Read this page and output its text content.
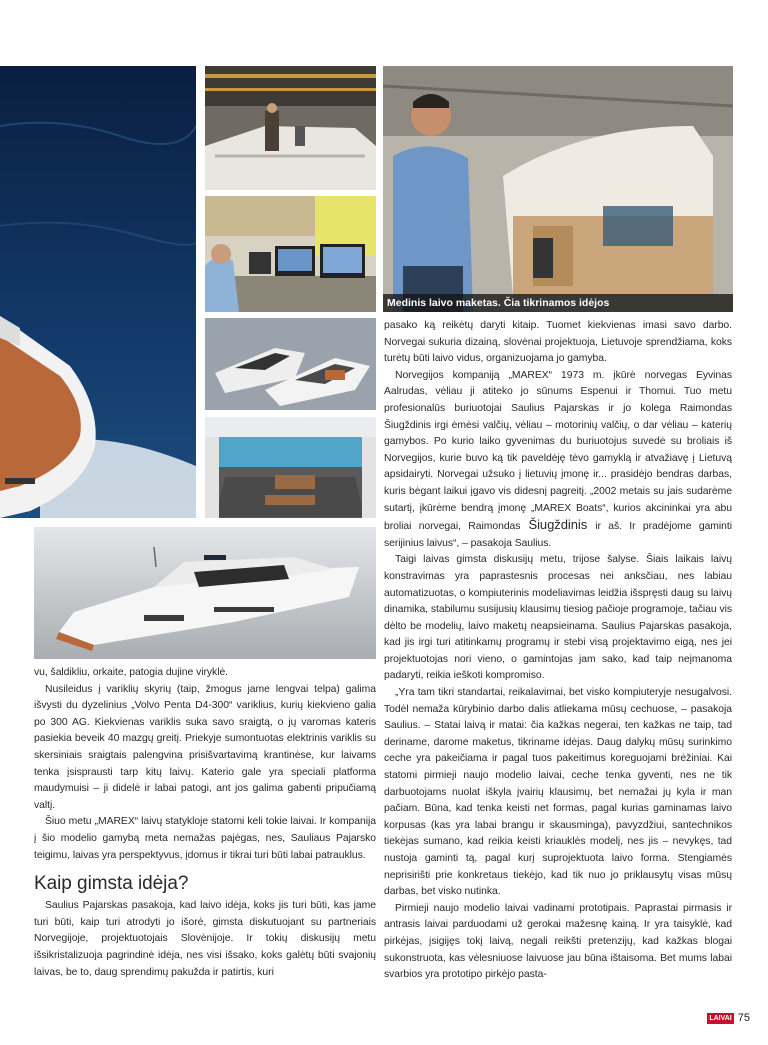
Medinis laivo maketas. Čia tikrinamos idėjos

pasako ką reikėtų daryti kitaip. Tuomet kiekvienas imasi savo darbo. Norvegai sukuria dizainą, slovėnai projektuoja, Lietuvoje sprendžiama, koks turėtų būti laivo vidus, organizuojama jo gamyba.

Norvegijos kompaniją „MAREX“ 1973 m. įkūrė norvegas Eyvinas Aalrudas, vėliau ji atiteko jo sūnums Espenui ir Thomui. Tuo metu profesionalūs buriuotojai Saulius Pajarskas ir jo kolega Raimondas Šiugždinis irgi ėmėsi valčių, vėliau – motorinių valčių, o dar vėliau – katerių gamybos. Po kurio laiko gyvenimas du buriuotojus suvedė su broliais iš Norvegijos, kurie buvo ką tik paveldėję tėvo gamyklą ir atvažiavę į Lietuvą apsidairyti. Norvegai užsuko į lietuvių įmonę ir... prasidėjo bendras darbas, kuris bėgant laikui įgavo vis didesnį pagreitį. „2002 metais su jais sudarėme sutartį, įkūrėme bendrą įmonę „MAREX Boats“, kurios akcininkai yra abu broliai norvegai, Raimondas Šiugždinis ir aš. Ir pradėjome gaminti serijinius laivus“, – pasakoja Saulius.

Taigi laivas gimsta diskusijų metu, trijose šalyse. Šiais laikais laivų konstravimas yra paprastesnis procesas nei anksčiau, nes labiau automatizuotas, o kompiuterinis modeliavimas leidžia išspręsti daug su laivų dinamika, stabilumu susijusių klausimų tiesiog pačioje programoje, tačiau vis dėlto be modelių, laivo maketų neapsieinama. Saulius Pajarskas pasakoja, kad jis irgi turi atitinkamų programų ir stebi visą projektavimo eigą, nes jei projektuotojas nori vieno, o gamintojas jam sako, kad taip neįmanoma padaryti, reikia ieškoti kompromiso.

„Yra tam tikri standartai, reikalavimai, bet visko kompiuteryje nesugalvosi. Todėl nemaža kūrybinio darbo dalis atliekama mūsų cechuose, – pasakoja Saulius. – Statai laivą ir matai: čia kažkas negerai, ten kažkas ne taip, tad deriname, darome maketus, tikriname idėjas. Daug dalykų mūsų surinkimo ceche yra pakeičiama ir pagal tuos pakeitimus koreguojami brėžiniai. Kai statomi pirmieji naujo modelio laivai, ceche tenka gyventi, nes ne tik darbuotojams nuolat iškyla įvairių klausimų, bet nemažai jų kyla ir man pačiam. Būna, kad tenka keisti net formas, pagal kurias gaminamas laivo korpusas (kas yra labai brangu ir skausminga), pavyzdžiui, santechnikos tiekėjas sumano, kad reikia keisti kriauklės modelį, nes jis – nevykęs, tad nustoja gaminti tą, pagal kurį suprojektuota laivo forma. Stengiamės neprisirišti prie konkretaus tiekėjo, kad tik nuo jo priklausytų visas mūsų darbas, bet visko nutinka.

Pirmieji naujo modelio laivai vadinami prototipais. Paprastai pirmasis ir antrasis laivai parduodami už gerokai mažesnę kainą. Ir yra taisyklė, kad pirkėjas, įsigijęs tokį laivą, negali reikšti pretenzijų, kad kažkas blogai sukonstruota, kas vėlesniuose laivuose jau būna ištaisoma. Bet mums labai svarbios yra prototipo pirkėjo pasta-

vu, šaldikliu, orkaite, patogia dujine viryklė.

Nusileidus į variklių skyrių (taip, žmogus jame lengvai telpa) galima išvysti du dyzelinius „Volvo Penta D4-300“ variklius, kurių kiekvieno galia po 300 AG. Kiekvienas variklis suka savo sraigtą, o jų varomas kateris pasiekia beveik 40 mazgų greitį. Priekyje sumontuotas elektrinis variklis su skersiniais sraigtais palengvina prisišvartavimą krantinėse, kur laivams tenka įsisprausti tarp kitų laivų. Katerio gale yra speciali platforma maudymuisi – ji didelė ir labai patogi, ant jos galima gabenti pripučiamą valtį.

Šiuo metu „MAREX“ laivų statykloje statomi keli tokie laivai. Ir kompanija į šio modelio gamybą meta nemažas pajėgas, nes, Sauliaus Pajarsko teigimu, laivas yra perspektyvus, įdomus ir tikrai turi būti labai patrauklus.

Kaip gimsta idėja?

Saulius Pajarskas pasakoja, kad laivo idėja, koks jis turi būti, kas jame turi būti, kaip turi atrodyti jo išorė, gimsta diskutuojant su partneriais Norvegijoje, projektuotojais Slovėnijoje. Ir tokių diskusijų metu išsikristalizuoja pagrindinė idėja, nes visi išsako, koks galėtų būti svajonių laivas, be to, daug sprendimų pakuždа ir patirtis, kuri

LAIVAI 75
